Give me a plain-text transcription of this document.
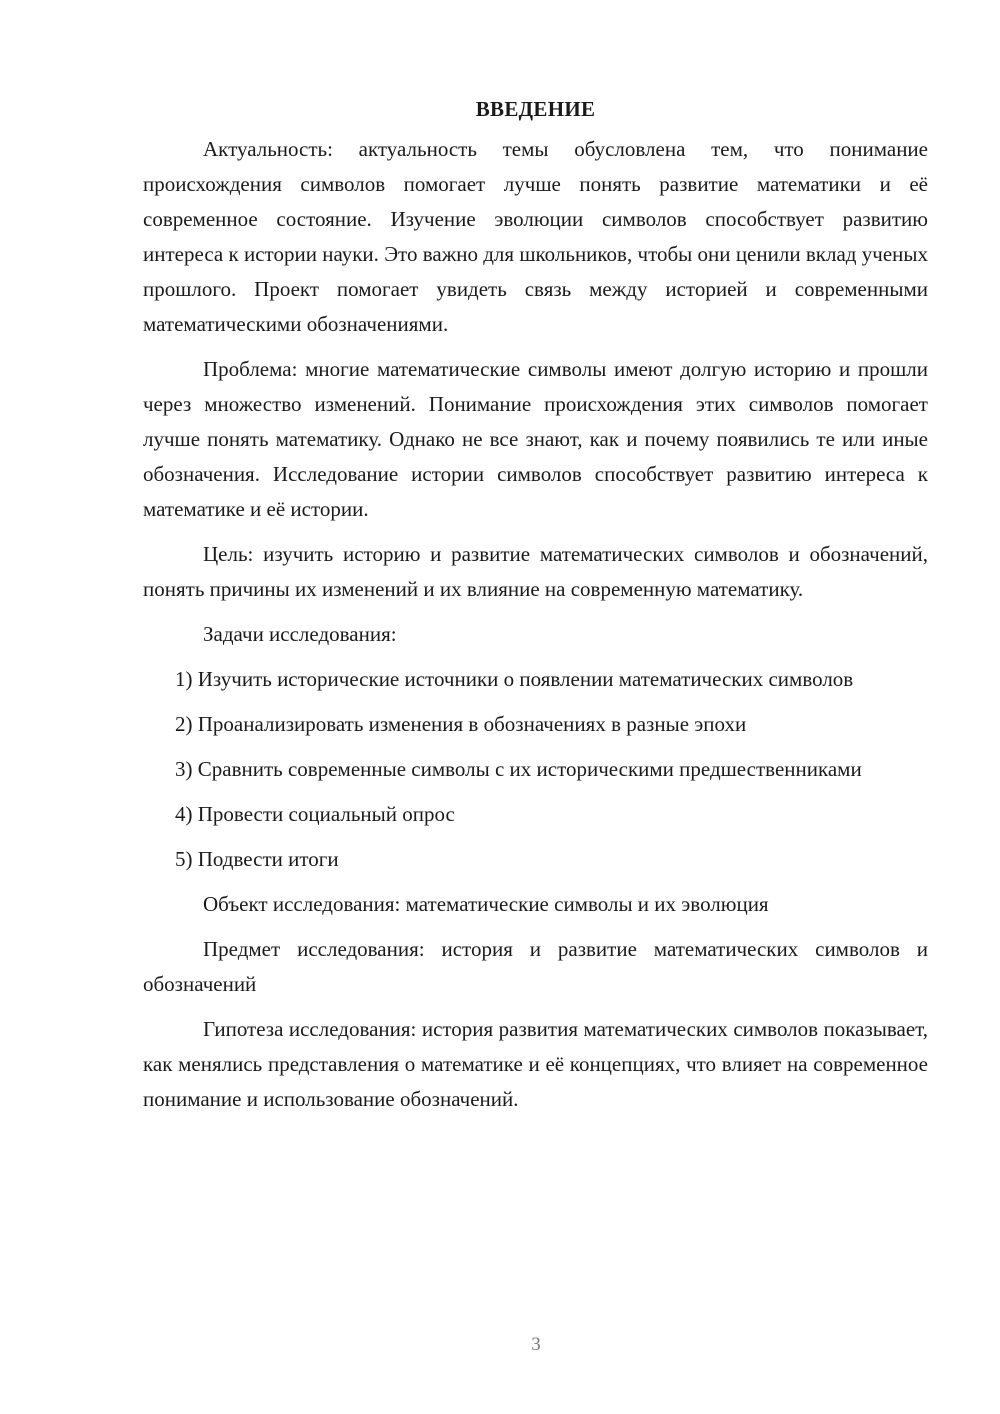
ВВЕДЕНИЕ

Актуальность: актуальность темы обусловлена тем, что понимание происхождения символов помогает лучше понять развитие математики и её современное состояние. Изучение эволюции символов способствует развитию интереса к истории науки. Это важно для школьников, чтобы они ценили вклад ученых прошлого. Проект помогает увидеть связь между историей и современными математическими обозначениями.

Проблема: многие математические символы имеют долгую историю и прошли через множество изменений. Понимание происхождения этих символов помогает лучше понять математику. Однако не все знают, как и почему появились те или иные обозначения. Исследование истории символов способствует развитию интереса к математике и её истории.

Цель: изучить историю и развитие математических символов и обозначений, понять причины их изменений и их влияние на современную математику.

Задачи исследования:

1) Изучить исторические источники о появлении математических символов

2) Проанализировать изменения в обозначениях в разные эпохи

3) Сравнить современные символы с их историческими предшественниками

4) Провести социальный опрос

5) Подвести итоги

Объект исследования: математические символы и их эволюция

Предмет исследования: история и развитие математических символов и обозначений

Гипотеза исследования: история развития математических символов показывает, как менялись представления о математике и её концепциях, что влияет на современное понимание и использование обозначений.

3
